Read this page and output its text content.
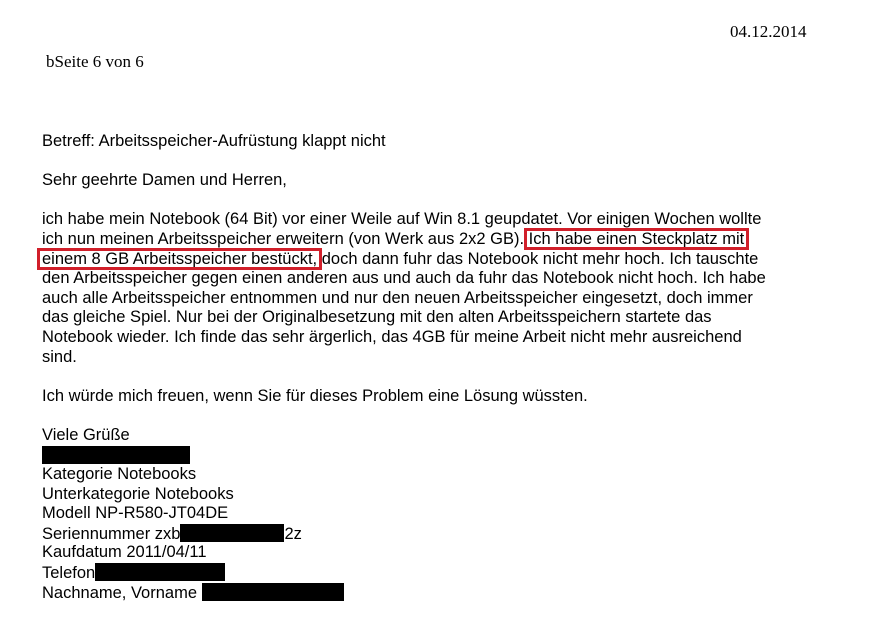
04.12.2014
bSeite 6 von 6
Betreff: Arbeitsspeicher-Aufrüstung klappt nicht
Sehr geehrte Damen und Herren,
ich habe mein Notebook (64 Bit) vor einer Weile auf Win 8.1 geupdatet. Vor einigen Wochen wollte
ich nun meinen Arbeitsspeicher erweitern (von Werk aus 2x2 GB). Ich habe einen Steckplatz mit
einem 8 GB Arbeitsspeicher bestückt, doch dann fuhr das Notebook nicht mehr hoch. Ich tauschte
den Arbeitsspeicher gegen einen anderen aus und auch da fuhr das Notebook nicht hoch. Ich habe
auch alle Arbeitsspeicher entnommen und nur den neuen Arbeitsspeicher eingesetzt, doch immer
das gleiche Spiel. Nur bei der Originalbesetzung mit den alten Arbeitsspeichern startete das
Notebook wieder. Ich finde das sehr ärgerlich, das 4GB für meine Arbeit nicht mehr ausreichend
sind.
Ich würde mich freuen, wenn Sie für dieses Problem eine Lösung wüssten.
Viele Grüße
Kategorie Notebooks
Unterkategorie Notebooks
Modell NP-R580-JT04DE
Seriennummer zxb	2z
Kaufdatum 2011/04/11
Telefon
Nachname, Vorname
